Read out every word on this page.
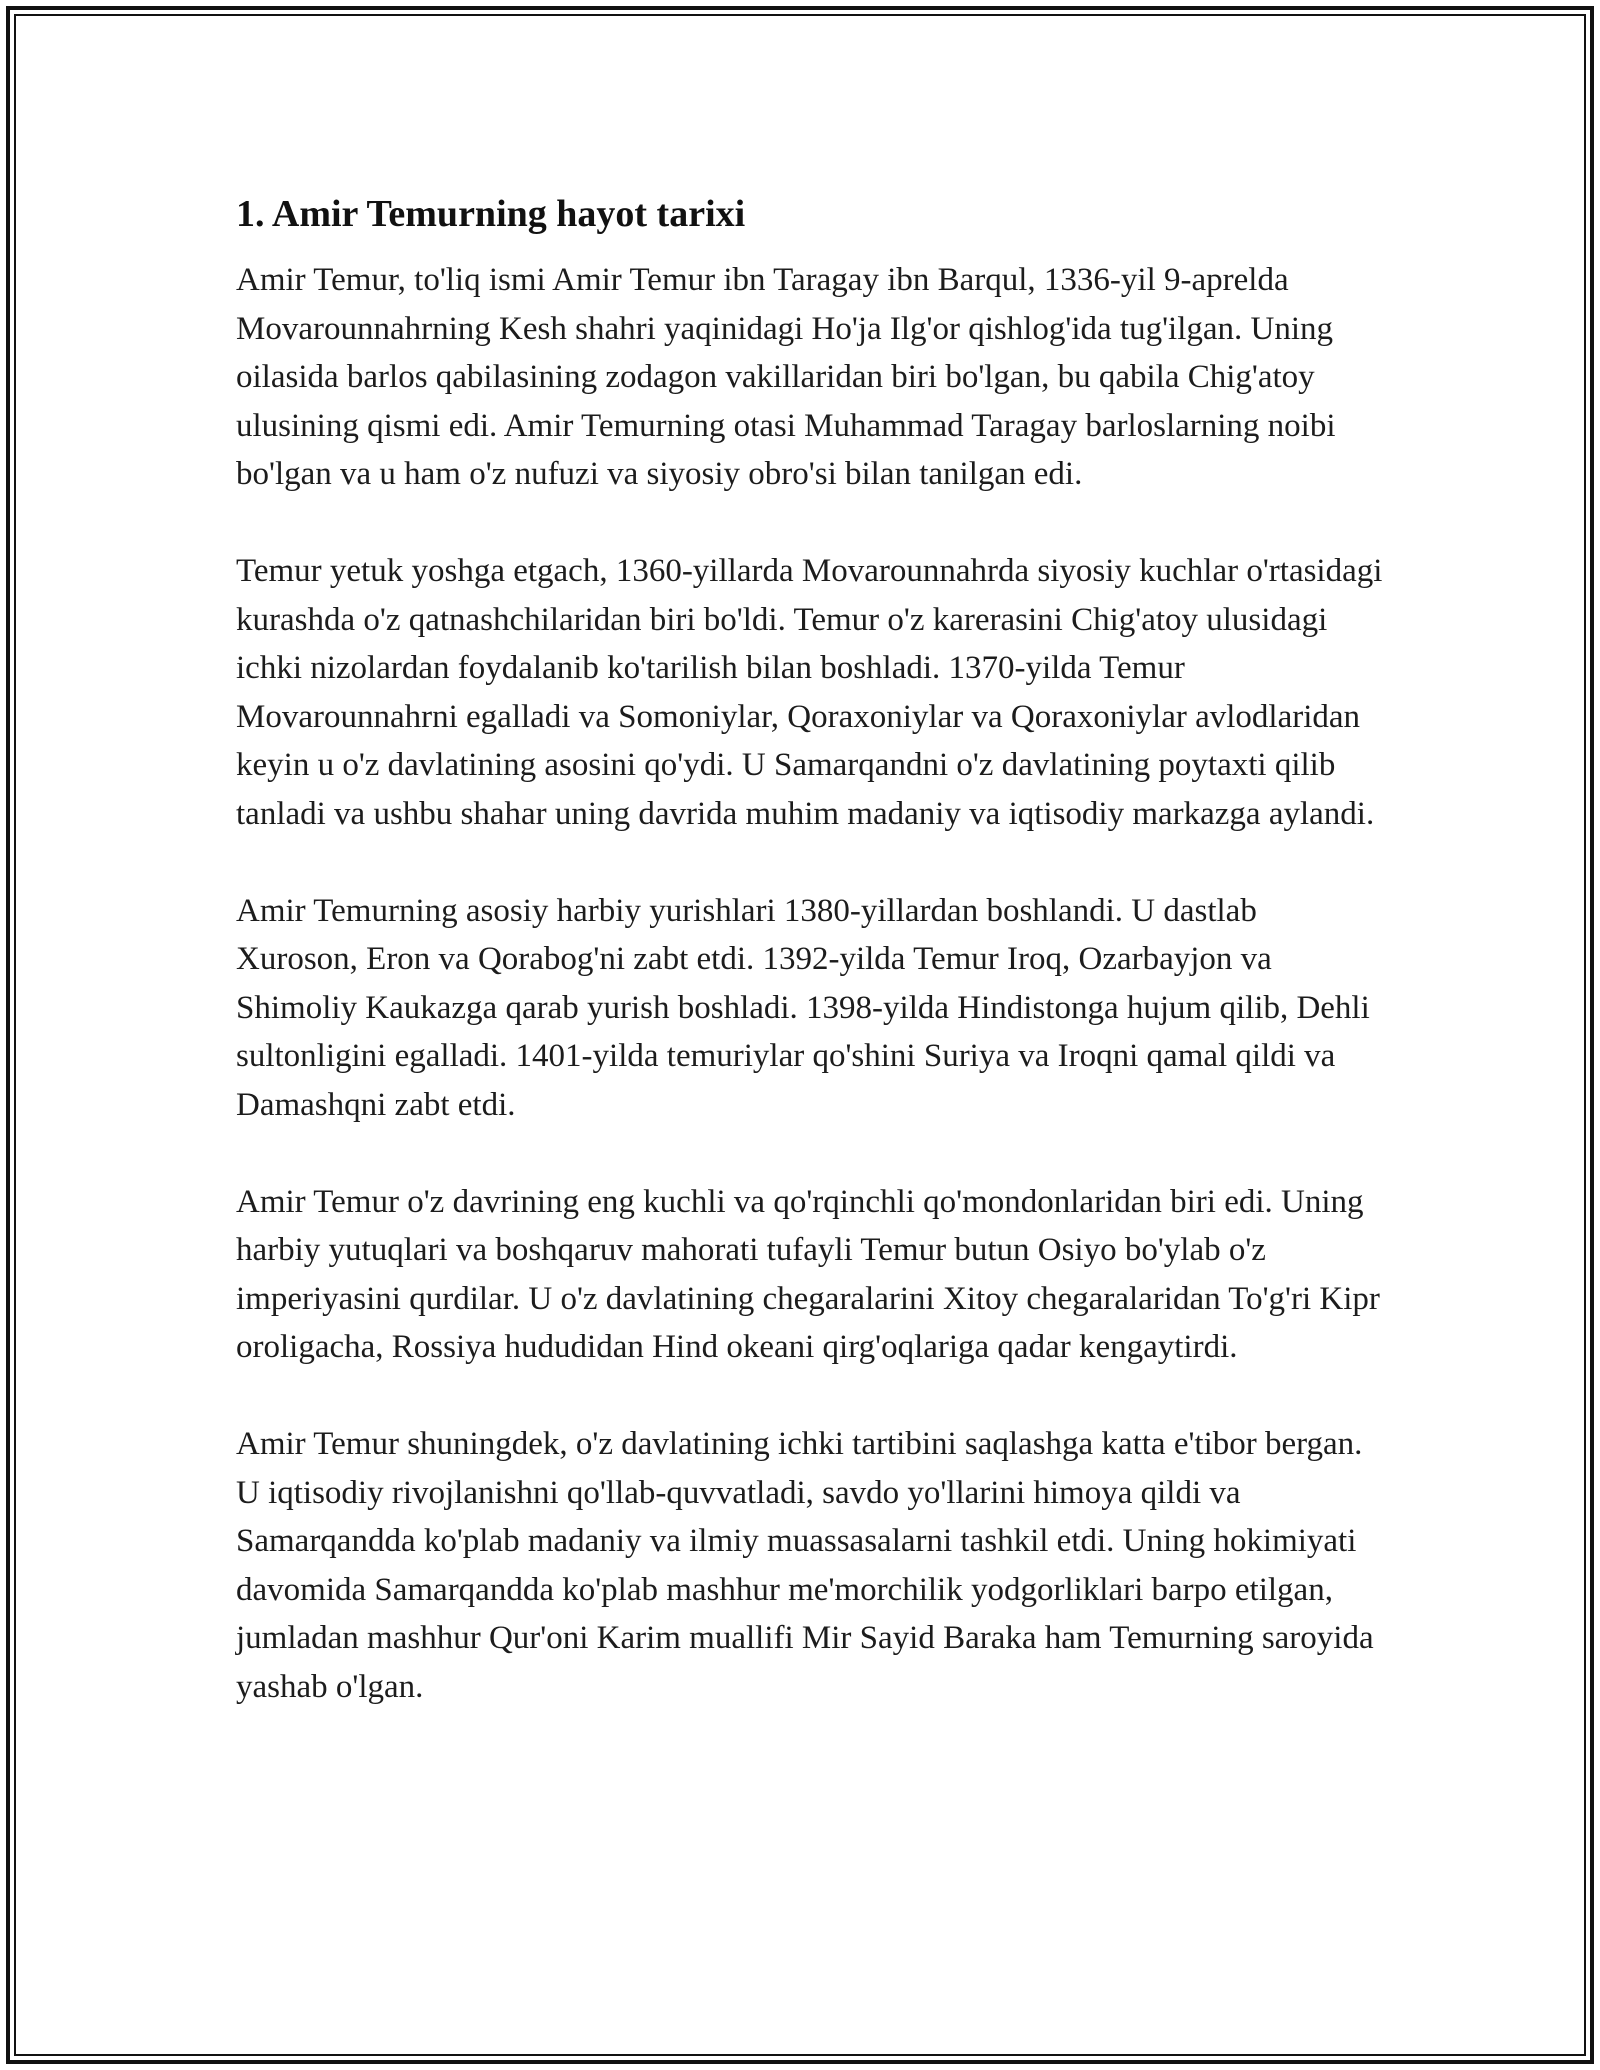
1. Amir Temurning hayot tarixi

Amir Temur, to'liq ismi Amir Temur ibn Taragay ibn Barqul, 1336-yil 9-aprelda Movarounnahrning Kesh shahri yaqinidagi Ho'ja Ilg'or qishlog'ida tug'ilgan. Uning oilasida barlos qabilasining zodagon vakillaridan biri bo'lgan, bu qabila Chig'atoy ulusining qismi edi. Amir Temurning otasi Muhammad Taragay barloslarning noibi bo'lgan va u ham o'z nufuzi va siyosiy obro'si bilan tanilgan edi.

Temur yetuk yoshga etgach, 1360-yillarda Movarounnahrda siyosiy kuchlar o'rtasidagi kurashda o'z qatnashchilaridan biri bo'ldi. Temur o'z karerasini Chig'atoy ulusidagi ichki nizolardan foydalanib ko'tarilish bilan boshladi. 1370-yilda Temur Movarounnahrni egalladi va Somoniylar, Qoraxoniylar va Qoraxoniylar avlodlaridan keyin u o'z davlatining asosini qo'ydi. U Samarqandni o'z davlatining poytaxti qilib tanladi va ushbu shahar uning davrida muhim madaniy va iqtisodiy markazga aylandi.

Amir Temurning asosiy harbiy yurishlari 1380-yillardan boshlandi. U dastlab Xuroson, Eron va Qorabog'ni zabt etdi. 1392-yilda Temur Iroq, Ozarbayjon va Shimoliy Kaukazga qarab yurish boshladi. 1398-yilda Hindistonga hujum qilib, Dehli sultonligini egalladi. 1401-yilda temuriylar qo'shini Suriya va Iroqni qamal qildi va Damashqni zabt etdi.

Amir Temur o'z davrining eng kuchli va qo'rqinchli qo'mondonlaridan biri edi. Uning harbiy yutuqlari va boshqaruv mahorati tufayli Temur butun Osiyo bo'ylab o'z imperiyasini qurdilar. U o'z davlatining chegaralarini Xitoy chegaralaridan To'g'ri Kipr oroligacha, Rossiya hududidan Hind okeani qirg'oqlariga qadar kengaytirdi.

Amir Temur shuningdek, o'z davlatining ichki tartibini saqlashga katta e'tibor bergan. U iqtisodiy rivojlanishni qo'llab-quvvatladi, savdo yo'llarini himoya qildi va Samarqandda ko'plab madaniy va ilmiy muassasalarni tashkil etdi. Uning hokimiyati davomida Samarqandda ko'plab mashhur me'morchilik yodgorliklari barpo etilgan, jumladan mashhur Qur'oni Karim muallifi Mir Sayid Baraka ham Temurning saroyida yashab o'lgan.
